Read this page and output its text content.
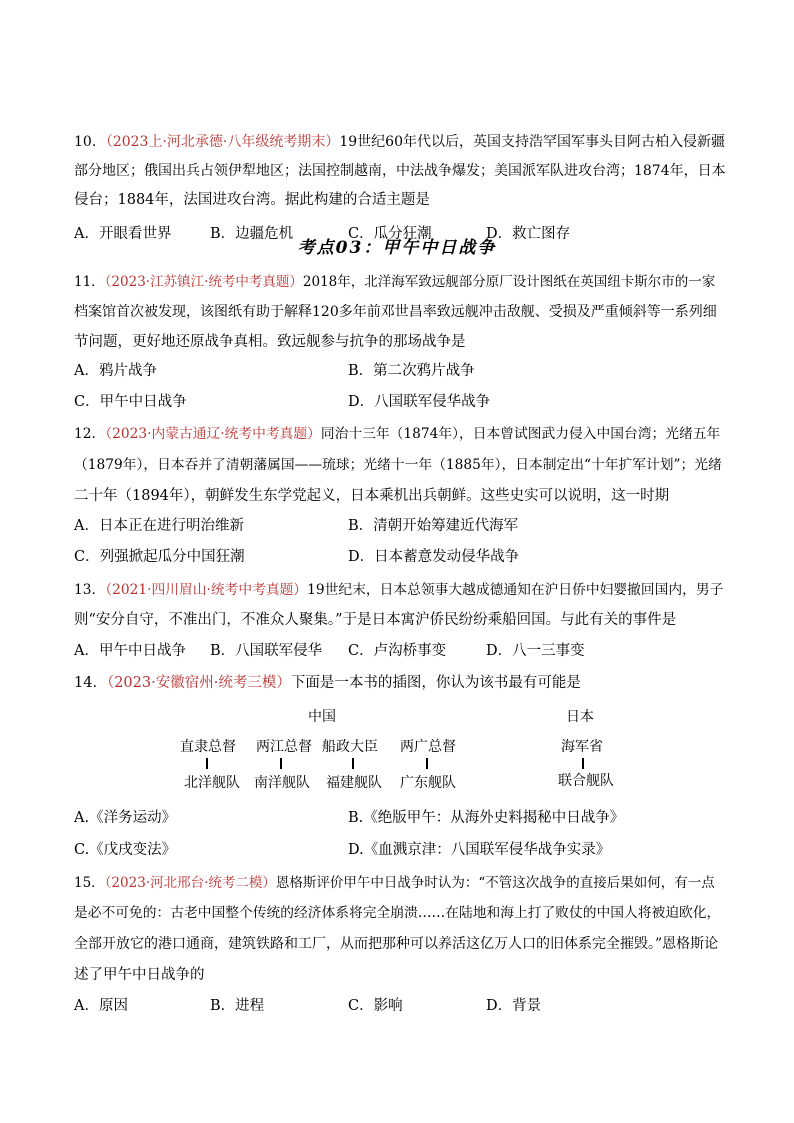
10．（2023上·河北承德·八年级统考期末）19世纪60年代以后，英国支持浩罕国军事头目阿古柏入侵新疆
部分地区；俄国出兵占领伊犁地区；法国控制越南，中法战争爆发；美国派军队进攻台湾；1874年，日本
侵台；1884年，法国进攻台湾。据此构建的合适主题是
A．开眼看世界	B．边疆危机	C．瓜分狂潮	D．救亡图存
考点03：甲午中日战争
11．（2023·江苏镇江·统考中考真题）2018年，北洋海军致远舰部分原厂设计图纸在英国纽卡斯尔市的一家
档案馆首次被发现，该图纸有助于解释120多年前邓世昌率致远舰冲击敌舰、受损及严重倾斜等一系列细
节问题，更好地还原战争真相。致远舰参与抗争的那场战争是
A．鸦片战争	B．第二次鸦片战争
C．甲午中日战争	D．八国联军侵华战争
12．（2023·内蒙古通辽·统考中考真题）同治十三年（1874年），日本曾试图武力侵入中国台湾；光绪五年
（1879年），日本吞并了清朝藩属国——琉球；光绪十一年（1885年），日本制定出“十年扩军计划”；光绪
二十年（1894年），朝鲜发生东学党起义，日本乘机出兵朝鲜。这些史实可以说明，这一时期
A．日本正在进行明治维新	B．清朝开始筹建近代海军
C．列强掀起瓜分中国狂潮	D．日本蓄意发动侵华战争
13．（2021·四川眉山·统考中考真题）19世纪末，日本总领事大越成德通知在沪日侨中妇婴撤回国内，男子
则“安分自守，不准出门，不准众人聚集。”于是日本寓沪侨民纷纷乘船回国。与此有关的事件是
A．甲午中日战争 B．八国联军侵华 C．卢沟桥事变	D．八一三事变
14．（2023·安徽宿州·统考三模）下面是一本书的插图，你认为该书最有可能是
中国	日本
直隶总督	两江总督 船政大臣	两广总督	海军省
北洋舰队	南洋舰队	福建舰队	广东舰队	联合舰队
A.《洋务运动》	B.《绝版甲午：从海外史料揭秘中日战争》
C.《戊戌变法》	D.《血溅京津：八国联军侵华战争实录》
15．（2023·河北邢台·统考二模）恩格斯评价甲午中日战争时认为：“不管这次战争的直接后果如何，有一点
是必不可免的：古老中国整个传统的经济体系将完全崩溃……在陆地和海上打了败仗的中国人将被迫欧化，
全部开放它的港口通商，建筑铁路和工厂，从而把那种可以养活这亿万人口的旧体系完全摧毁。”恩格斯论
述了甲午中日战争的
A．原因	B．进程	C．影响	D．背景
